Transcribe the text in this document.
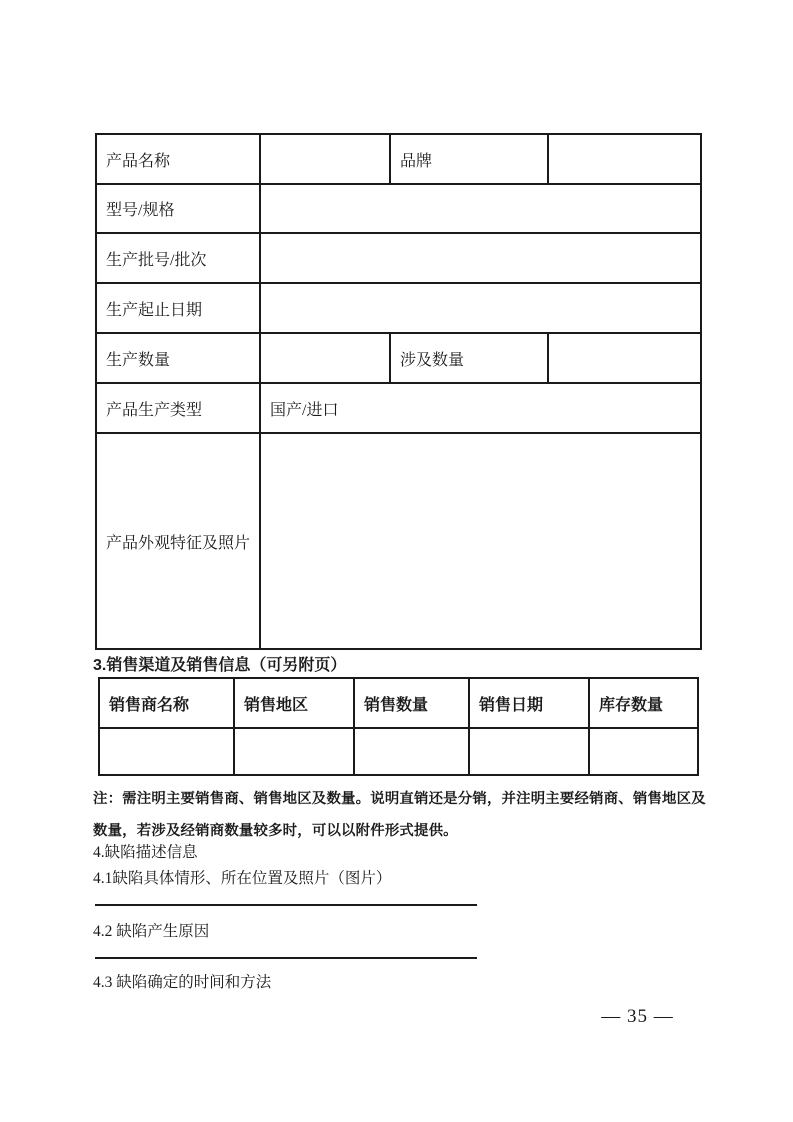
产品名称		品牌	
型号/规格			
生产批号/批次			
生产起止日期			
生产数量		涉及数量	
产品生产类型	国产/进口		
产品外观特征及照片			
3.销售渠道及销售信息（可另附页）
销售商名称	销售地区	销售数量	销售日期	库存数量

注：需注明主要销售商、销售地区及数量。说明直销还是分销，并注明主要经销商、销售地区及数量，若涉及经销商数量较多时，可以以附件形式提供。
4.缺陷描述信息
4.1缺陷具体情形、所在位置及照片（图片）
4.2 缺陷产生原因
4.3 缺陷确定的时间和方法
— 35 —
